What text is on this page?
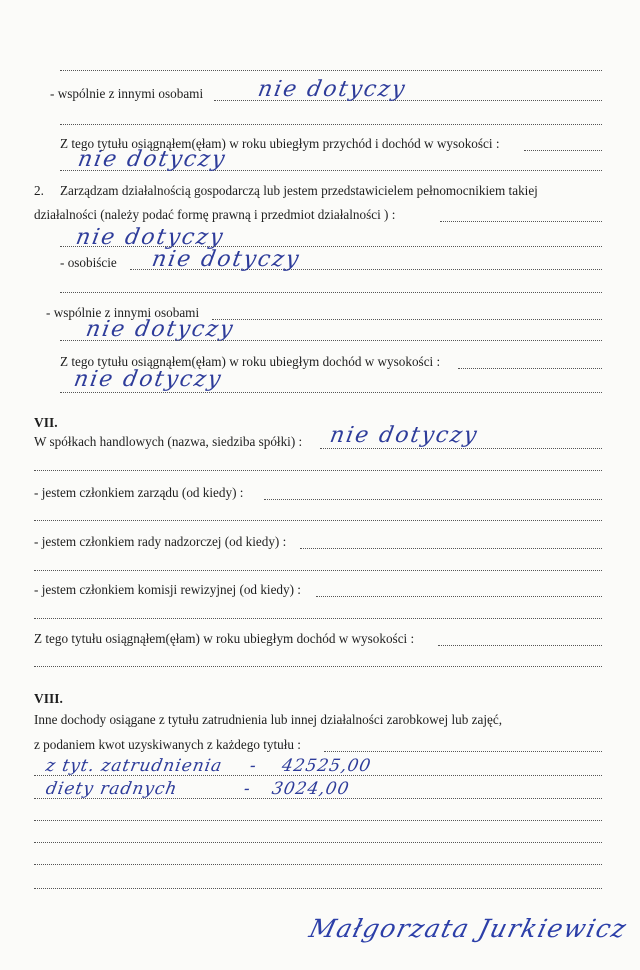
- wspólnie z innymi osobami nie dotyczy
Z tego tytułu osiągnąłem(ęłam) w roku ubiegłym przychód i dochód w wysokości :
nie dotyczy
2. Zarządzam działalnością gospodarczą lub jestem przedstawicielem pełnomocnikiem takiej
działalności (należy podać formę prawną i przedmiot działalności ) :
nie dotyczy
- osobiście nie dotyczy
- wspólnie z innymi osobami
nie dotyczy
Z tego tytułu osiągnąłem(ęłam) w roku ubiegłym dochód w wysokości :
nie dotyczy
VII.
W spółkach handlowych (nazwa, siedziba spółki) : nie dotyczy
- jestem członkiem zarządu (od kiedy) :
- jestem członkiem rady nadzorczej (od kiedy) :
- jestem członkiem komisji rewizyjnej (od kiedy) :
Z tego tytułu osiągnąłem(ęłam) w roku ubiegłym dochód w wysokości :
VIII.
Inne dochody osiągane z tytułu zatrudnienia lub innej działalności zarobkowej lub zajęć,
z podaniem kwot uzyskiwanych z każdego tytułu :
z tyt. zatrudnienia - 42525,00
diety radnych	- 3024,00
Małgorzata Jurkiewicz
